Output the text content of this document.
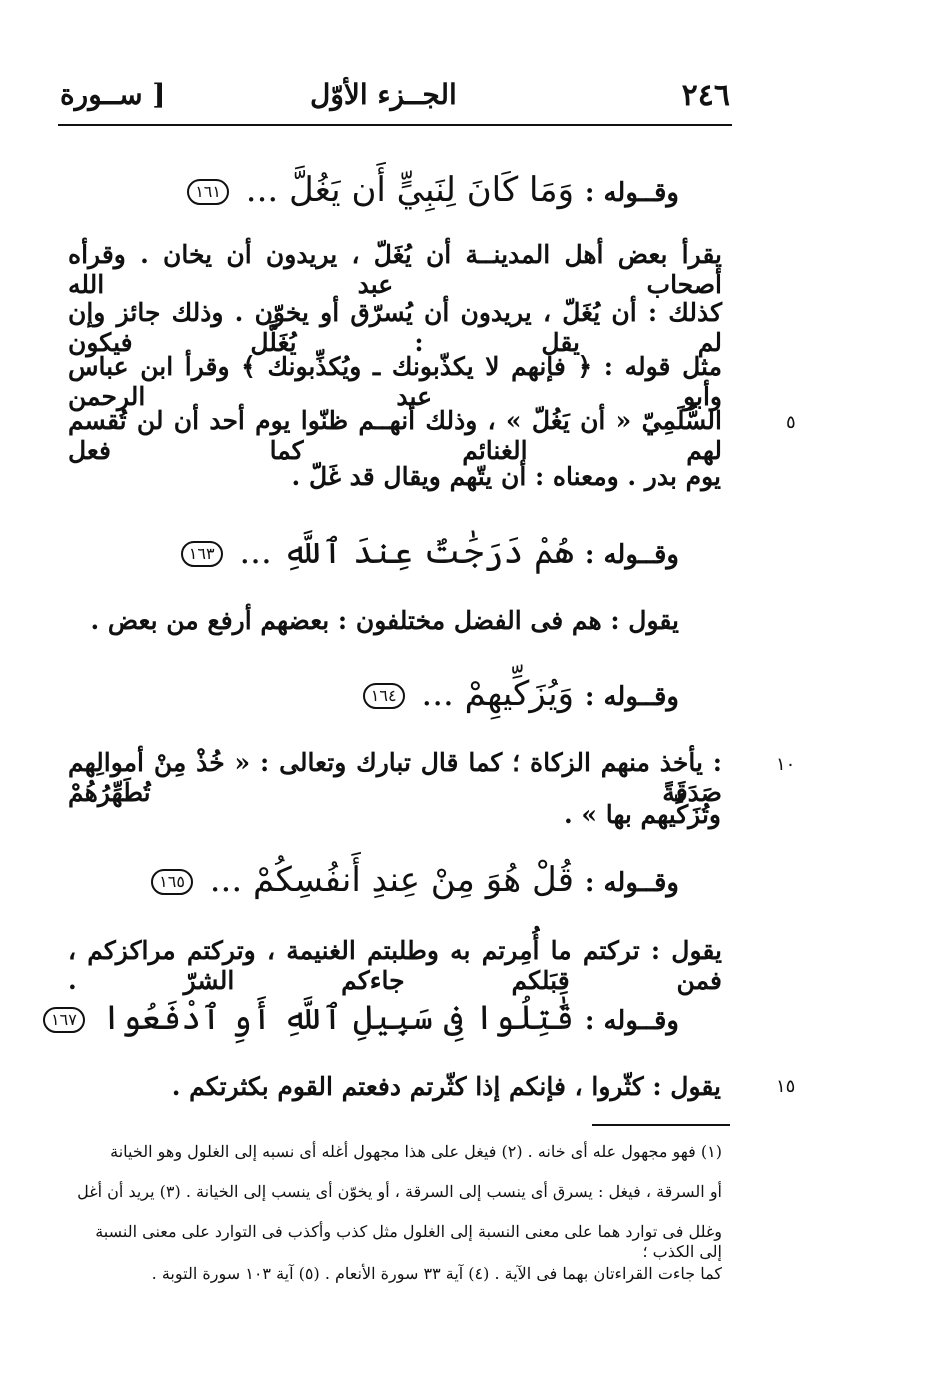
٢٤٦
الجــزء الأوّل
[ ســورة
٥
١٠
١٥
وقــوله : وَمَا كَانَ لِنَبِيٍّ أَن يَغُلَّ ... ١٦١
يقرأ بعض أهل المدينــة أن يُغَلّ ، يريدون أن يخان . وقرأه أصحاب عبد الله
كذلك : أن يُغَلّ ، يريدون أن يُسرّق أو يخوّن . وذلك جائز وإن لم يقل : يُغَلَّل فيكون
مثل قوله : ﴿ فإنهم لا يكذّبونك ـ ويُكذِّبونك ﴾ وقرأ ابن عباس وأبو عبد الرحمن
السُّلَمِيّ « أن يَغُلّ » ، وذلك أنهــم ظنّوا يوم أحد أن لن تُقسم لهم الغنائم كما فعل
يوم بدر . ومعناه : أن يتّهم ويقال قد غَلّ .
وقــوله : هُمْ دَرَجَٰتٌ عِندَ ٱللَّهِ ... ١٦٣
يقول : هم فى الفضل مختلفون : بعضهم أرفع من بعض .
وقــوله : وَيُزَكِّيهِمْ ... ١٦٤
: يأخذ منهم الزكاة ؛ كما قال تبارك وتعالى : « خُذْ مِنْ أموالِهم صَدَقَةً تُطَهِّرُهُمْ
وتُزَكِّيهم بها » .
وقــوله : قُلْ هُوَ مِنْ عِندِ أَنفُسِكُمْ ... ١٦٥
يقول : تركتم ما أُمِرتم به وطلبتم الغنيمة ، وتركتم مراكزكم ، فمن قِبَلكم جاءكم الشرّ .
وقــوله : قَٰتِلُوا فِى سَبِيلِ ٱللَّهِ أَوِ ٱدْفَعُوا ١٦٧
يقول : كثّروا ، فإنكم إذا كثّرتم دفعتم القوم بكثرتكم .
(١) فهو مجهول عله أى خانه . (٢) فيغل على هذا مجهول أغله أى نسبه إلى الغلول وهو الخيانة
أو السرقة ، فيغل : يسرق أى ينسب إلى السرقة ، أو يخوّن أى ينسب إلى الخيانة . (٣) يريد أن أغل
وغلل فى توارد هما على معنى النسبة إلى الغلول مثل كذب وأكذب فى التوارد على معنى النسبة إلى الكذب ؛
كما جاءت القراءتان بهما فى الآية . (٤) آية ٣٣ سورة الأنعام . (٥) آية ١٠٣ سورة التوبة .
